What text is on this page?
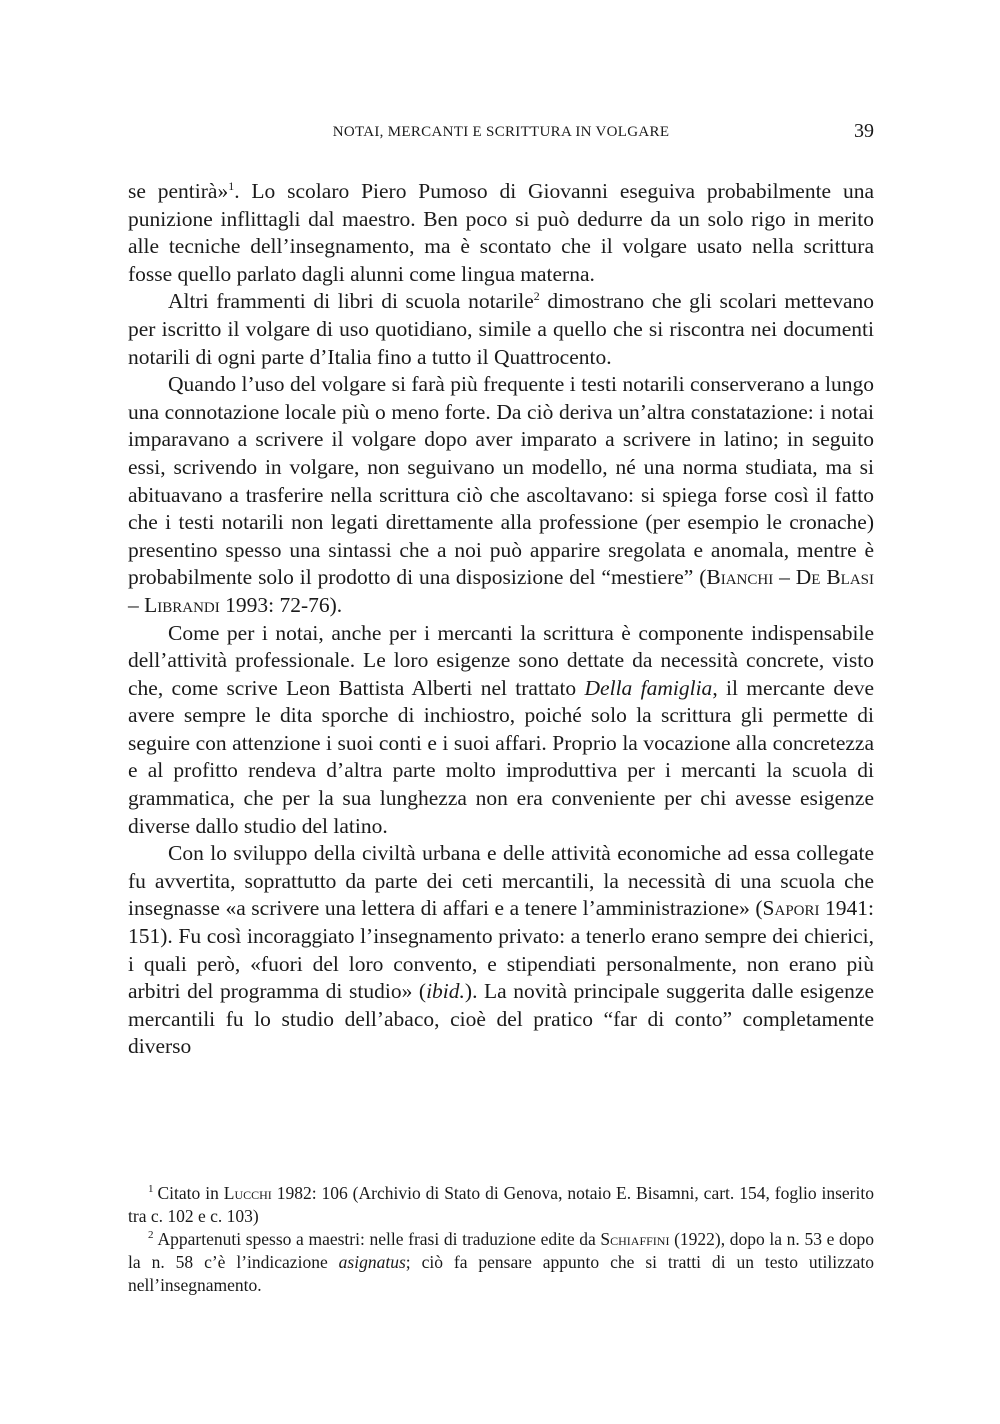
NOTAI, MERCANTI E SCRITTURA IN VOLGARE	39

se pentirà»$^1$. Lo scolaro Piero Pumoso di Giovanni eseguiva probabilmente una punizione inflittagli dal maestro. Ben poco si può dedurre da un solo rigo in merito alle tecniche dell’insegnamento, ma è scontato che il volgare usato nella scrittura fosse quello parlato dagli alunni come lingua materna.

Altri frammenti di libri di scuola notarile$^2$ dimostrano che gli scolari mettevano per iscritto il volgare di uso quotidiano, simile a quello che si riscontra nei documenti notarili di ogni parte d’Italia fino a tutto il Quattrocento.

Quando l’uso del volgare si farà più frequente i testi notarili conserverano a lungo una connotazione locale più o meno forte. Da ciò deriva un’altra constatazione: i notai imparavano a scrivere il volgare dopo aver imparato a scrivere in latino; in seguito essi, scrivendo in volgare, non seguivano un modello, né una norma studiata, ma si abituavano a trasferire nella scrittura ciò che ascoltavano: si spiega forse così il fatto che i testi notarili non legati direttamente alla professione (per esempio le cronache) presentino spesso una sintassi che a noi può apparire sregolata e anomala, mentre è probabilmente solo il prodotto di una disposizione del “mestiere” (Bianchi – De Blasi – Librandi 1993: 72-76).

Come per i notai, anche per i mercanti la scrittura è componente indispensabile dell’attività professionale. Le loro esigenze sono dettate da necessità concrete, visto che, come scrive Leon Battista Alberti nel trattato Della famiglia, il mercante deve avere sempre le dita sporche di inchiostro, poiché solo la scrittura gli permette di seguire con attenzione i suoi conti e i suoi affari. Proprio la vocazione alla concretezza e al profitto rendeva d’altra parte molto improduttiva per i mercanti la scuola di grammatica, che per la sua lunghezza non era conveniente per chi avesse esigenze diverse dallo studio del latino.

Con lo sviluppo della civiltà urbana e delle attività economiche ad essa collegate fu avvertita, soprattutto da parte dei ceti mercantili, la necessità di una scuola che insegnasse «a scrivere una lettera di affari e a tenere l’amministrazione» (Sapori 1941: 151). Fu così incoraggiato l’insegnamento privato: a tenerlo erano sempre dei chierici, i quali però, «fuori del loro convento, e stipendiati personalmente, non erano più arbitri del programma di studio» (ibid.). La novità principale suggerita dalle esigenze mercantili fu lo studio dell’abaco, cioè del pratico “far di conto” completamente diverso

$^1$ Citato in Lucchi 1982: 106 (Archivio di Stato di Genova, notaio E. Bisamni, cart. 154, foglio inserito tra c. 102 e c. 103)

$^2$ Appartenuti spesso a maestri: nelle frasi di traduzione edite da Schiaffini (1922), dopo la n. 53 e dopo la n. 58 c’è l’indicazione asignatus; ciò fa pensare appunto che si tratti di un testo utilizzato nell’insegnamento.
